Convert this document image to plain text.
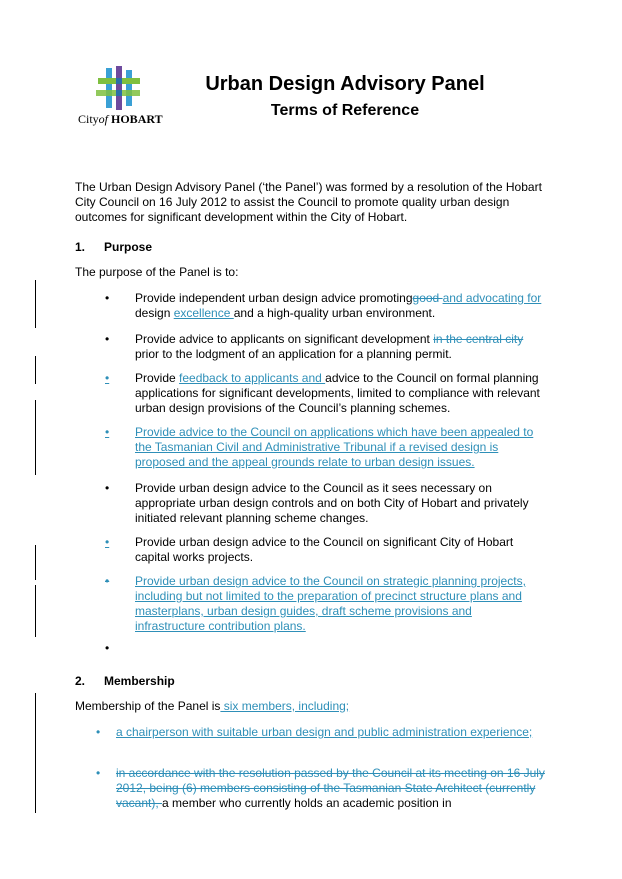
Cityof HOBART
Urban Design Advisory Panel
Terms of Reference
The Urban Design Advisory Panel (‘the Panel’) was formed by a resolution of the Hobart City Council on 16 July 2012 to assist the Council to promote quality urban design outcomes for significant development within the City of Hobart.
1. Purpose
The purpose of the Panel is to:
•	Provide independent urban design advice promotinggood and advocating for design excellence and a high-quality urban environment.
•	Provide advice to applicants on significant development in the central city prior to the lodgment of an application for a planning permit.
•	Provide feedback to applicants and advice to the Council on formal planning applications for significant developments, limited to compliance with relevant urban design provisions of the Council’s planning schemes.
•	Provide advice to the Council on applications which have been appealed to the Tasmanian Civil and Administrative Tribunal if a revised design is proposed and the appeal grounds relate to urban design issues.
•	Provide urban design advice to the Council as it sees necessary on appropriate urban design controls and on both City of Hobart and privately initiated relevant planning scheme changes.
•	Provide urban design advice to the Council on significant City of Hobart capital works projects.
•	Provide urban design advice to the Council on strategic planning projects, including but not limited to the preparation of precinct structure plans and masterplans, urban design guides, draft scheme provisions and infrastructure contribution plans.
•
2. Membership
Membership of the Panel is six members, including;
•	a chairperson with suitable urban design and public administration experience;
•	in accordance with the resolution passed by the Council at its meeting on 16 July 2012, being (6) members consisting of the Tasmanian State Architect (currently vacant), a member who currently holds an academic position in
